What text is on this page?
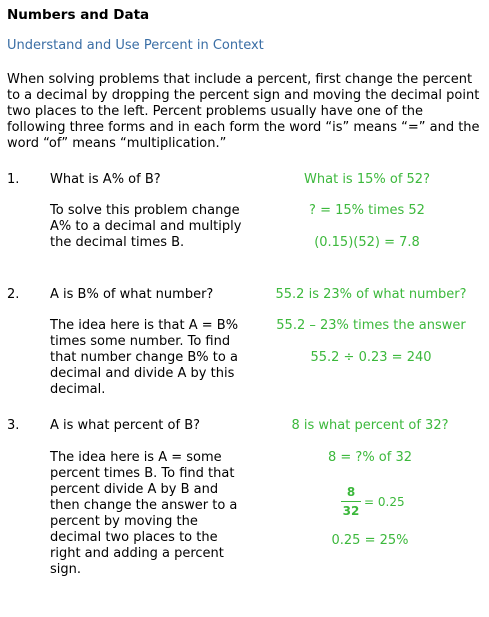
Numbers and Data
Understand and Use Percent in Context

When solving problems that include a percent, first change the percent to a decimal by dropping the percent sign and moving the decimal point two places to the left. Percent problems usually have one of the following three forms and in each form the word “is” means “=” and the word “of” means “multiplication.”

1. What is A% of B?

To solve this problem change A% to a decimal and multiply the decimal times B.

What is 15% of 52?
? = 15% times 52
(0.15)(52) = 7.8
2. A is B% of what number?

The idea here is that A = B% times some number. To find that number change B% to a decimal and divide A by this decimal.

55.2 is 23% of what number?
55.2 – 23% times the answer
55.2 ÷ 0.23 = 240
3. A is what percent of B?

The idea here is A = some percent times B. To find that percent divide A by B and then change the answer to a percent by moving the decimal two places to the right and adding a percent sign.

8 is what percent of 32?
8 = ?% of 32
8
32
= 0.25
0.25 = 25%
